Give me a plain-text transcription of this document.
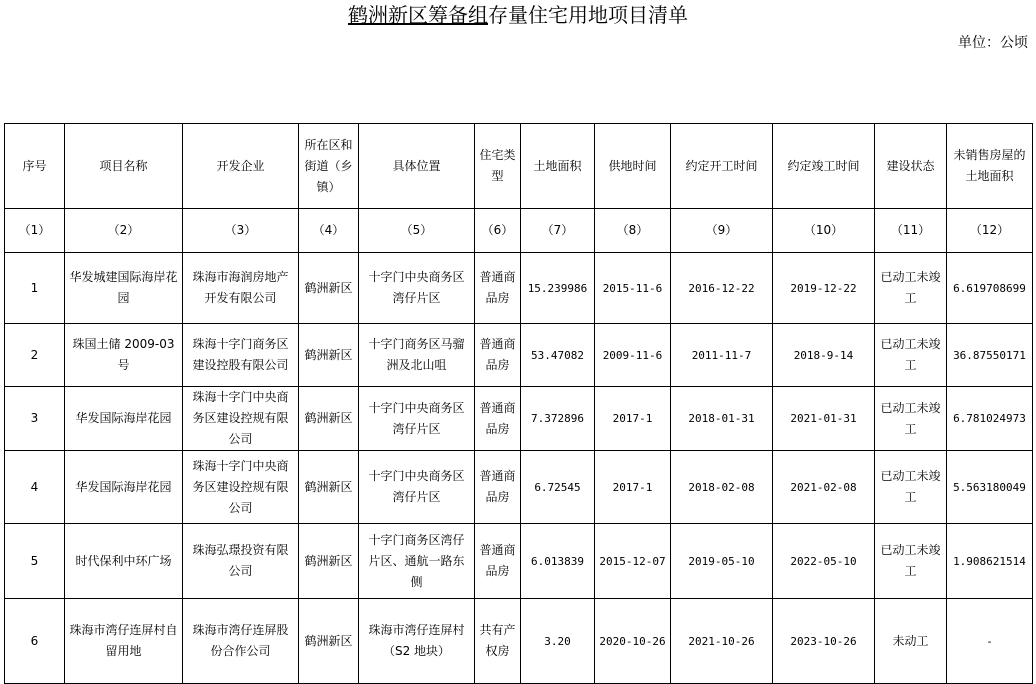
鹤洲新区筹备组存量住宅用地项目清单
单位：公顷
序号	项目名称	开发企业	所在区和街道（乡镇）	具体位置	住宅类型	土地面积	供地时间	约定开工时间	约定竣工时间	建设状态	未销售房屋的土地面积
（1）	（2）	（3）	（4）	（5）	（6）	（7）	（8）	（9）	（10）	（11）	（12）
1	华发城建国际海岸花园	珠海市海润房地产开发有限公司	鹤洲新区	十字门中央商务区湾仔片区	普通商品房	15.239986	2015-11-6	2016-12-22	2019-12-22	已动工未竣工	6.619708699
2	珠国土储 2009-03 号	珠海十字门商务区建设控股有限公司	鹤洲新区	十字门商务区马骝洲及北山咀	普通商品房	53.47082	2009-11-6	2011-11-7	2018-9-14	已动工未竣工	36.87550171
3	华发国际海岸花园	珠海十字门中央商务区建设控规有限公司	鹤洲新区	十字门中央商务区湾仔片区	普通商品房	7.372896	2017-1	2018-01-31	2021-01-31	已动工未竣工	6.781024973
4	华发国际海岸花园	珠海十字门中央商务区建设控规有限公司	鹤洲新区	十字门中央商务区湾仔片区	普通商品房	6.72545	2017-1	2018-02-08	2021-02-08	已动工未竣工	5.563180049
5	时代保利中环广场	珠海弘璟投资有限公司	鹤洲新区	十字门商务区湾仔片区、通航一路东侧	普通商品房	6.013839	2015-12-07	2019-05-10	2022-05-10	已动工未竣工	1.908621514
6	珠海市湾仔连屏村自留用地	珠海市湾仔连屏股份合作公司	鹤洲新区	珠海市湾仔连屏村（S2 地块）	共有产权房	3.20	2020-10-26	2021-10-26	2023-10-26	未动工	-
